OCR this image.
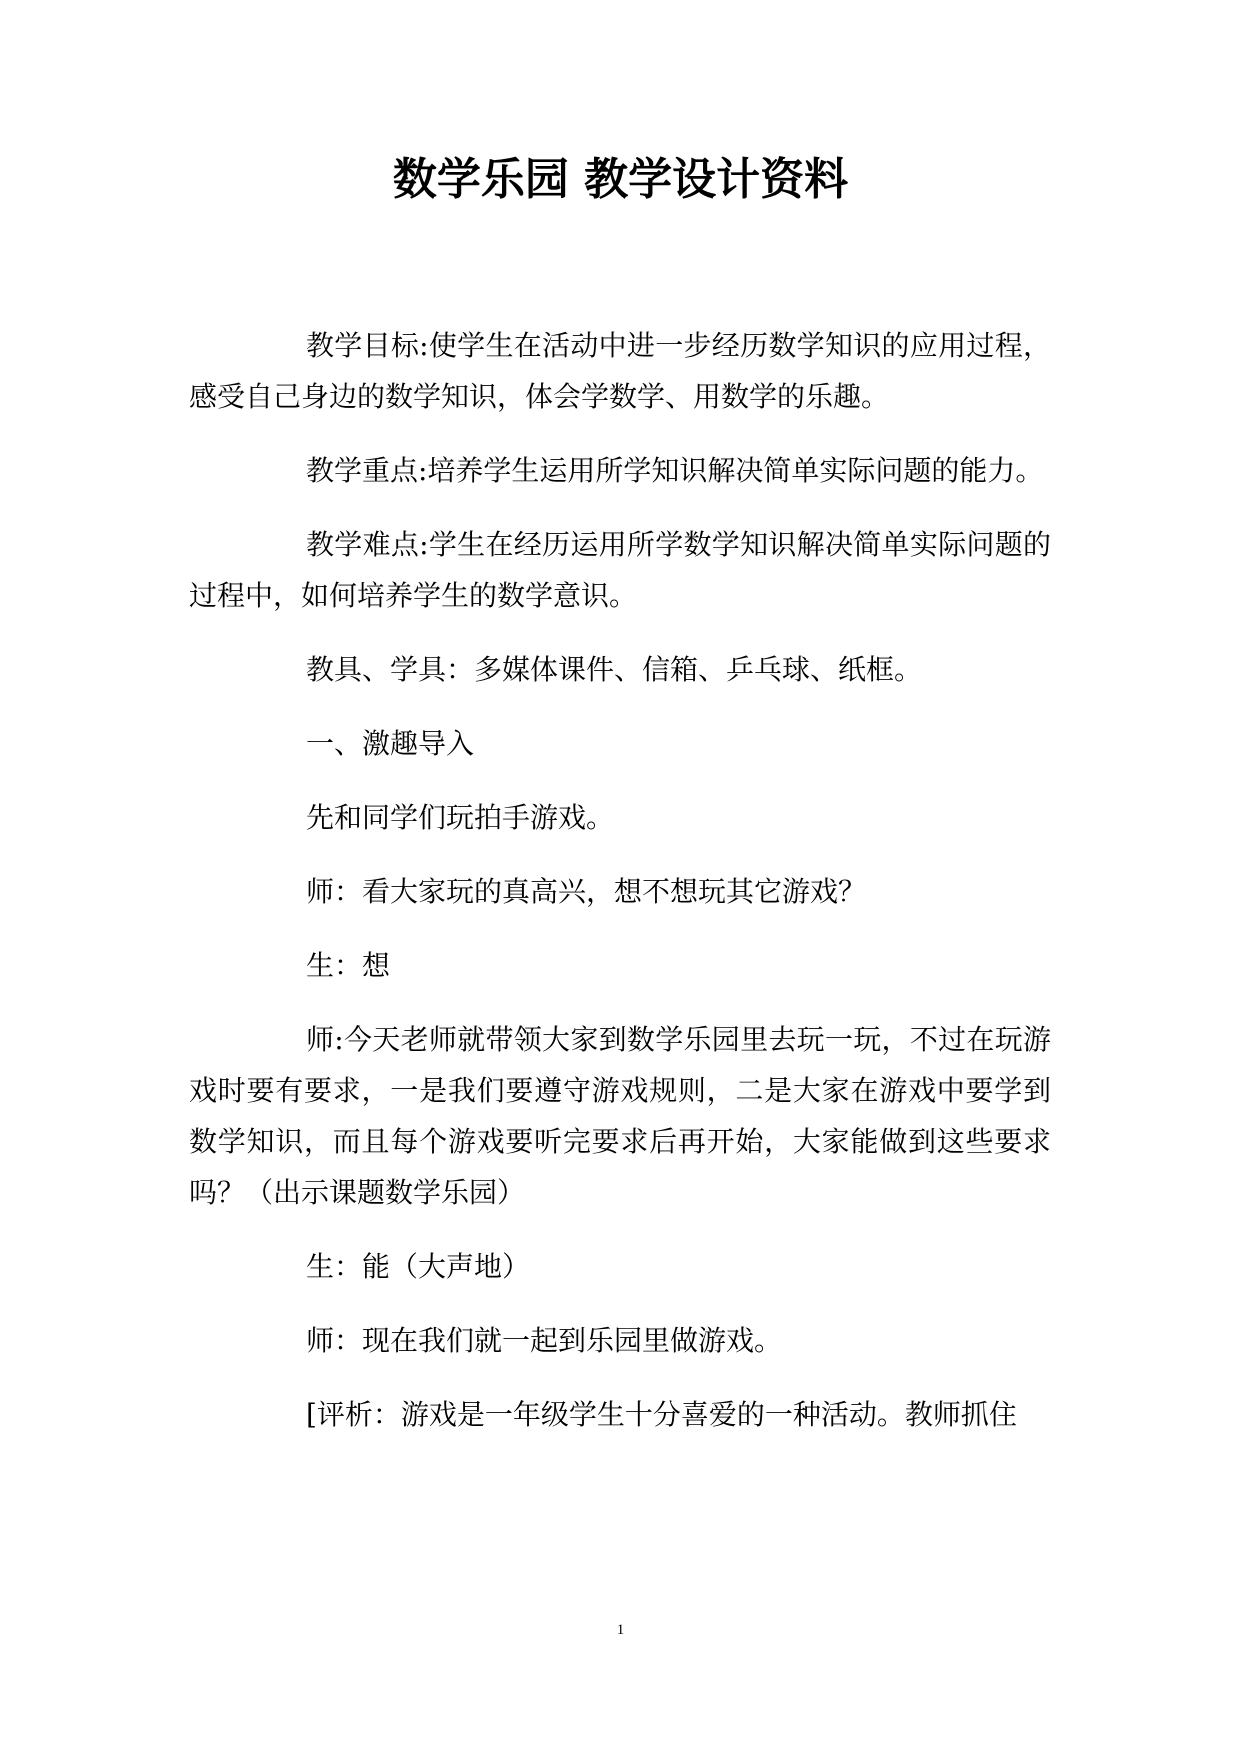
数学乐园 教学设计资料

教学目标:使学生在活动中进一步经历数学知识的应用过程，感受自己身边的数学知识，体会学数学、用数学的乐趣。

教学重点:培养学生运用所学知识解决简单实际问题的能力。

教学难点:学生在经历运用所学数学知识解决简单实际问题的过程中，如何培养学生的数学意识。

教具、学具：多媒体课件、信箱、乒乓球、纸框。

一、激趣导入

先和同学们玩拍手游戏。

师：看大家玩的真高兴，想不想玩其它游戏？

生：想

师:今天老师就带领大家到数学乐园里去玩一玩，不过在玩游戏时要有要求，一是我们要遵守游戏规则，二是大家在游戏中要学到数学知识，而且每个游戏要听完要求后再开始，大家能做到这些要求吗？（出示课题数学乐园）

生：能（大声地）

师：现在我们就一起到乐园里做游戏。

[评析：游戏是一年级学生十分喜爱的一种活动。教师抓住

1
